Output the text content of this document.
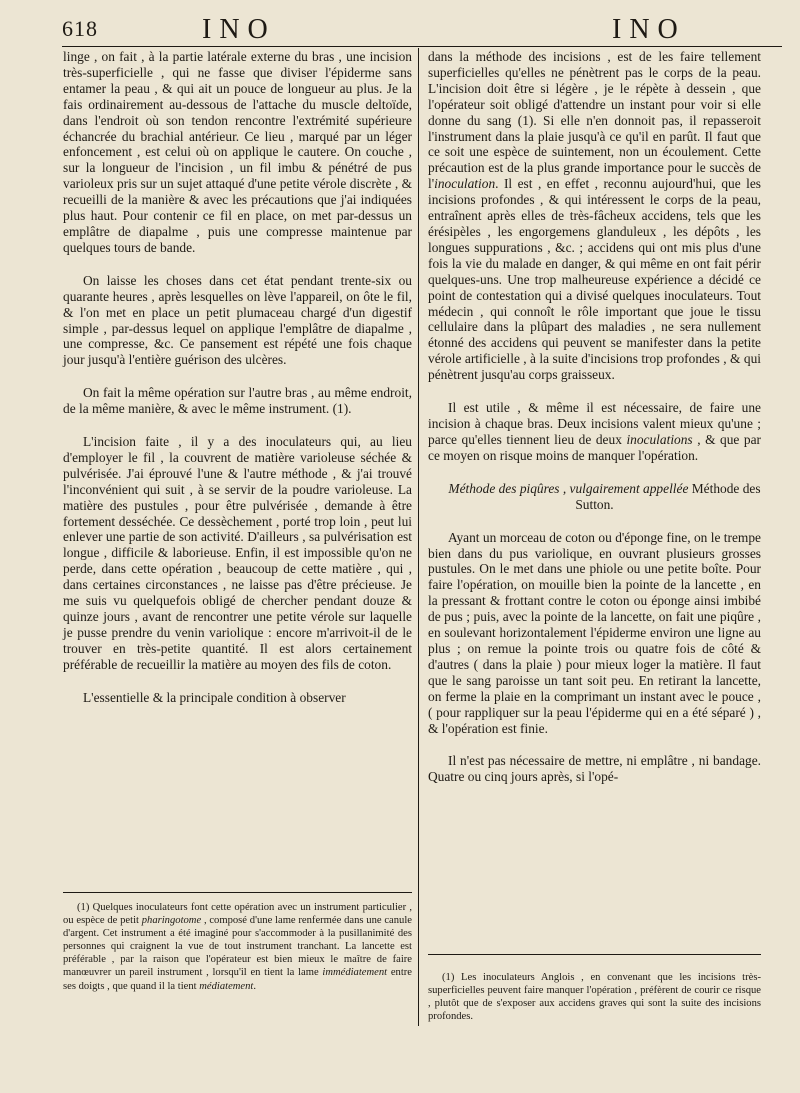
618	INO	INO

linge , on fait , à la partie latérale externe du bras , une incision très-superficielle , qui ne fasse que diviser l'épiderme sans entamer la peau , & qui ait un pouce de longueur au plus. Je la fais ordinairement au-dessous de l'attache du muscle deltoïde, dans l'endroit où son tendon rencontre l'extrémité supérieure échancrée du brachial antérieur. Ce lieu , marqué par un léger enfoncement , est celui où on applique le cautere. On couche , sur la longueur de l'incision , un fil imbu & pénétré de pus varioleux pris sur un sujet attaqué d'une petite vérole discrète , & recueilli de la manière & avec les précautions que j'ai indiquées plus haut. Pour contenir ce fil en place, on met par-dessus un emplâtre de diapalme , puis une compresse maintenue par quelques tours de bande.

On laisse les choses dans cet état pendant trente-six ou quarante heures , après lesquelles on lève l'appareil, on ôte le fil, & l'on met en place un petit plumaceau chargé d'un digestif simple , par-dessus lequel on applique l'emplâtre de diapalme , une compresse, &c. Ce pansement est répété une fois chaque jour jusqu'à l'entière guérison des ulcères.

On fait la même opération sur l'autre bras , au même endroit, de la même manière, & avec le même instrument. (1).

L'incision faite , il y a des inoculateurs qui, au lieu d'employer le fil , la couvrent de matière varioleuse séchée & pulvérisée. J'ai éprouvé l'une & l'autre méthode , & j'ai trouvé l'inconvénient qui suit , à se servir de la poudre varioleuse. La matière des pustules , pour être pulvérisée , demande à être fortement desséchée. Ce dessèchement , porté trop loin , peut lui enlever une partie de son activité. D'ailleurs , sa pulvérisation est longue , difficile & laborieuse. Enfin, il est impossible qu'on ne perde, dans cette opération , beaucoup de cette matière , qui , dans certaines circonstances , ne laisse pas d'être précieuse. Je me suis vu quelquefois obligé de chercher pendant douze & quinze jours , avant de rencontrer une petite vérole sur laquelle je pusse prendre du venin variolique : encore m'arrivoit-il de le trouver en très-petite quantité. Il est alors certainement préférable de recueillir la matière au moyen des fils de coton.

L'essentielle & la principale condition à observer

dans la méthode des incisions , est de les faire tellement superficielles qu'elles ne pénètrent pas le corps de la peau. L'incision doit être si légère , je le répète à dessein , que l'opérateur soit obligé d'attendre un instant pour voir si elle donne du sang (1). Si elle n'en donnoit pas, il repasseroit l'instrument dans la plaie jusqu'à ce qu'il en parût. Il faut que ce soit une espèce de suintement, non un écoulement. Cette précaution est de la plus grande importance pour le succès de l'inoculation. Il est , en effet , reconnu aujourd'hui, que les incisions profondes , & qui intéressent le corps de la peau, entraînent après elles de très-fâcheux accidens, tels que les érésipèles , les engorgemens glanduleux , les dépôts , les longues suppurations , &c. ; accidens qui ont mis plus d'une fois la vie du malade en danger, & qui même en ont fait périr quelques-uns. Une trop malheureuse expérience a décidé ce point de contestation qui a divisé quelques inoculateurs. Tout médecin , qui connoît le rôle important que joue le tissu cellulaire dans la plûpart des maladies , ne sera nullement étonné des accidens qui peuvent se manifester dans la petite vérole artificielle , à la suite d'incisions trop profondes , & qui pénètrent jusqu'au corps graisseux.

Il est utile , & même il est nécessaire, de faire une incision à chaque bras. Deux incisions valent mieux qu'une ; parce qu'elles tiennent lieu de deux inoculations , & que par ce moyen on risque moins de manquer l'opération.

Méthode des piqûres , vulgairement appellée Méthode des Sutton.

Ayant un morceau de coton ou d'éponge fine, on le trempe bien dans du pus variolique, en ouvrant plusieurs grosses pustules. On le met dans une phiole ou une petite boîte. Pour faire l'opération, on mouille bien la pointe de la lancette , en la pressant & frottant contre le coton ou éponge ainsi imbibé de pus ; puis, avec la pointe de la lancette, on fait une piqûre , en soulevant horizontalement l'épiderme environ une ligne au plus ; on remue la pointe trois ou quatre fois de côté & d'autres ( dans la plaie ) pour mieux loger la matière. Il faut que le sang paroisse un tant soit peu. En retirant la lancette, on ferme la plaie en la comprimant un instant avec le pouce , ( pour rappliquer sur la peau l'épiderme qui en a été séparé ) , & l'opération est finie.

Il n'est pas nécessaire de mettre, ni emplâtre , ni bandage. Quatre ou cinq jours après, si l'opé-

(1) Quelques inoculateurs font cette opération avec un instrument particulier , ou espèce de petit pharingotome , composé d'une lame renfermée dans une canule d'argent. Cet instrument a été imaginé pour s'accommoder à la pusillanimité des personnes qui craignent la vue de tout instrument tranchant. La lancette est préférable , par la raison que l'opérateur est bien mieux le maître de faire manœuvrer un pareil instrument , lorsqu'il en tient la lame immédiatement entre ses doigts , que quand il la tient médiatement.

(1) Les inoculateurs Anglois , en convenant que les incisions très-superficielles peuvent faire manquer l'opération , préfèrent de courir ce risque , plutôt que de s'exposer aux accidens graves qui sont la suite des incisions profondes.
